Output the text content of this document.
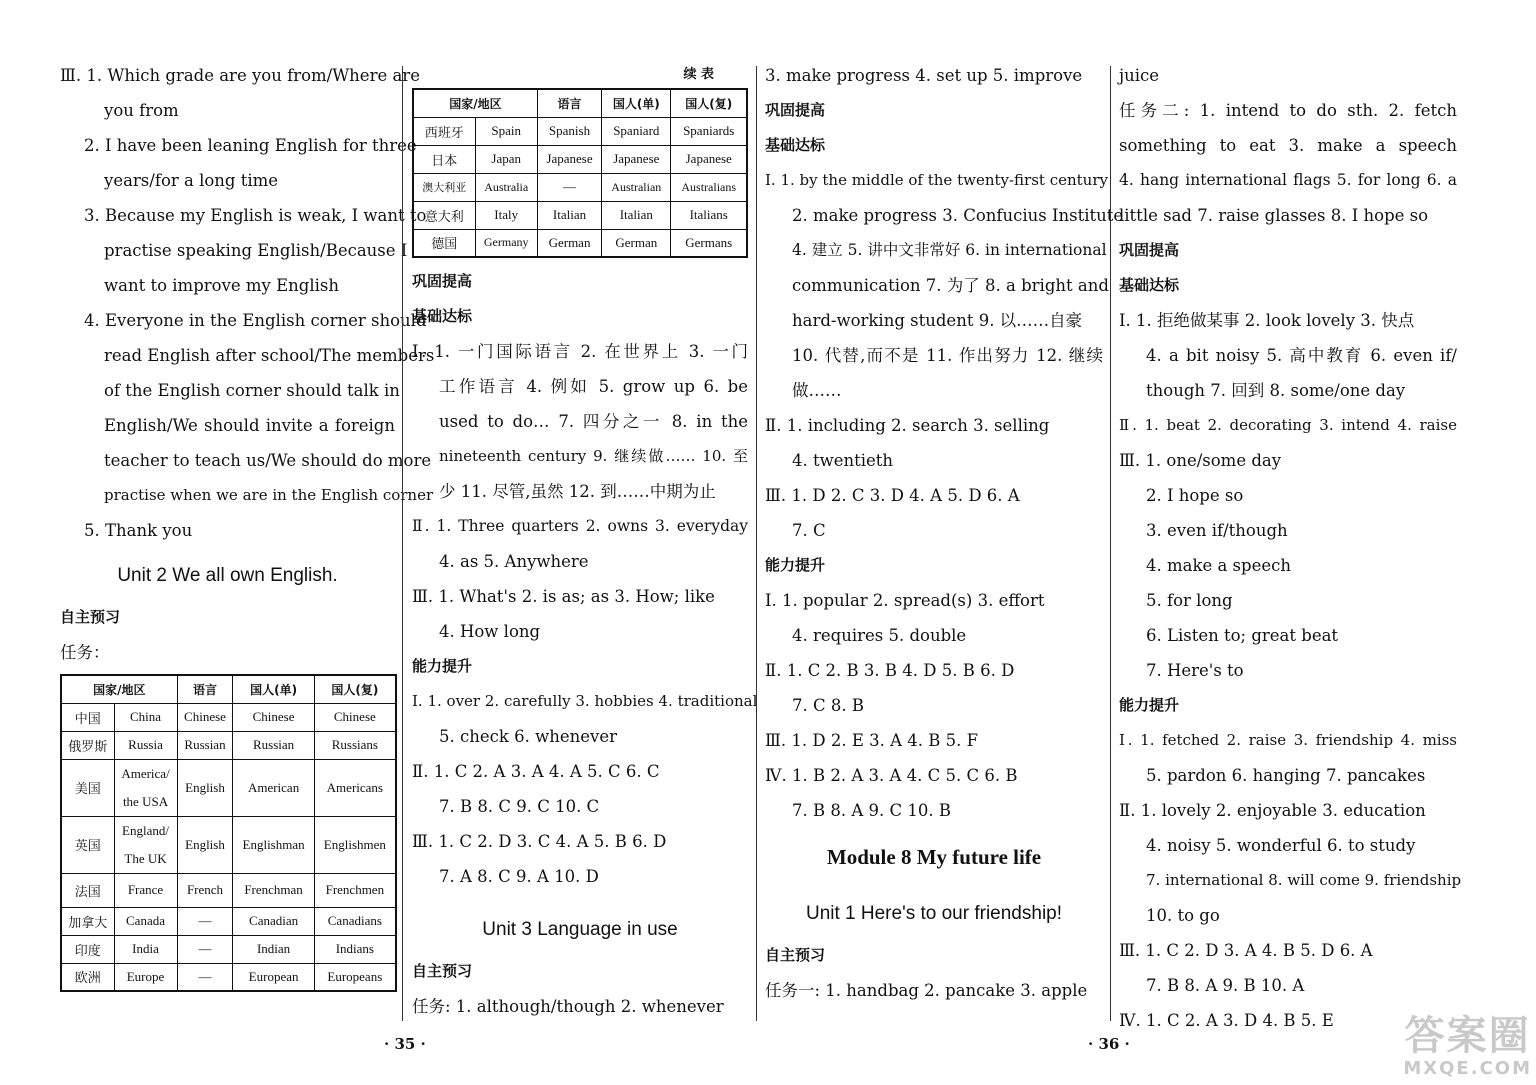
Ⅲ. 1. Which grade are you from/Where are
you from
2. I have been leaning English for three
years/for a long time
3. Because my English is weak, I want to
practise speaking English/Because I
want to improve my English
4. Everyone in the English corner should
read English after school/The members
of the English corner should talk in
English/We should invite a foreign
teacher to teach us/We should do more
practise when we are in the English corner
5. Thank you
Unit 2 We all own English.
自主预习
任务：
国家/地区		语言	国人(单)	国人(复)
中国	China	Chinese	Chinese	Chinese
俄罗斯	Russia	Russian	Russian	Russians
美国	America/ the USA	English	American	Americans
英国	England/ The UK	English	Englishman	Englishmen
法国	France	French	Frenchman	Frenchmen
加拿大	Canada	—	Canadian	Canadians
印度	India	—	Indian	Indians
欧洲	Europe	—	European	Europeans
续 表
国家/地区		语言	国人(单)	国人(复)
西班牙	Spain	Spanish	Spaniard	Spaniards
日本	Japan	Japanese	Japanese	Japanese
澳大利亚	Australia	—	Australian	Australians
意大利	Italy	Italian	Italian	Italians
德国	Germany	German	German	Germans
巩固提高
基础达标
Ⅰ. 1. 一门国际语言 2. 在世界上 3. 一门
工作语言 4. 例如 5. grow up 6. be
used to do… 7. 四分之一 8. in the
nineteenth century 9. 继续做…… 10. 至
少 11. 尽管,虽然 12. 到……中期为止
Ⅱ. 1. Three quarters 2. owns 3. everyday
4. as 5. Anywhere
Ⅲ. 1. What's 2. is as; as 3. How; like
4. How long
能力提升
Ⅰ. 1. over 2. carefully 3. hobbies 4. traditional
5. check 6. whenever
Ⅱ. 1. C 2. A 3. A 4. A 5. C 6. C
7. B 8. C 9. C 10. C
Ⅲ. 1. C 2. D 3. C 4. A 5. B 6. D
7. A 8. C 9. A 10. D
Unit 3 Language in use
自主预习
任务: 1. although/though 2. whenever
3. make progress 4. set up 5. improve
巩固提高
基础达标
Ⅰ. 1. by the middle of the twenty-first century
2. make progress 3. Confucius Institute
4. 建立 5. 讲中文非常好 6. in international
communication 7. 为了 8. a bright and
hard-working student 9. 以……自豪
10. 代替,而不是 11. 作出努力 12. 继续
做……
Ⅱ. 1. including 2. search 3. selling
4. twentieth
Ⅲ. 1. D 2. C 3. D 4. A 5. D 6. A
7. C
能力提升
Ⅰ. 1. popular 2. spread(s) 3. effort
4. requires 5. double
Ⅱ. 1. C 2. B 3. B 4. D 5. B 6. D
7. C 8. B
Ⅲ. 1. D 2. E 3. A 4. B 5. F
Ⅳ. 1. B 2. A 3. A 4. C 5. C 6. B
7. B 8. A 9. C 10. B
Module 8 My future life
Unit 1 Here's to our friendship!
自主预习
任务一: 1. handbag 2. pancake 3. apple
juice
任务二: 1. intend to do sth. 2. fetch
something to eat 3. make a speech
4. hang international flags 5. for long 6. a
little sad 7. raise glasses 8. I hope so
巩固提高
基础达标
Ⅰ. 1. 拒绝做某事 2. look lovely 3. 快点
4. a bit noisy 5. 高中教育 6. even if/
though 7. 回到 8. some/one day
Ⅱ. 1. beat 2. decorating 3. intend 4. raise
Ⅲ. 1. one/some day
2. I hope so
3. even if/though
4. make a speech
5. for long
6. Listen to; great beat
7. Here's to
能力提升
Ⅰ. 1. fetched 2. raise 3. friendship 4. miss
5. pardon 6. hanging 7. pancakes
Ⅱ. 1. lovely 2. enjoyable 3. education
4. noisy 5. wonderful 6. to study
7. international 8. will come 9. friendship
10. to go
Ⅲ. 1. C 2. D 3. A 4. B 5. D 6. A
7. B 8. A 9. B 10. A
Ⅳ. 1. C 2. A 3. D 4. B 5. E
· 35 ·	· 36 ·	答案圈
MXQE.COM
